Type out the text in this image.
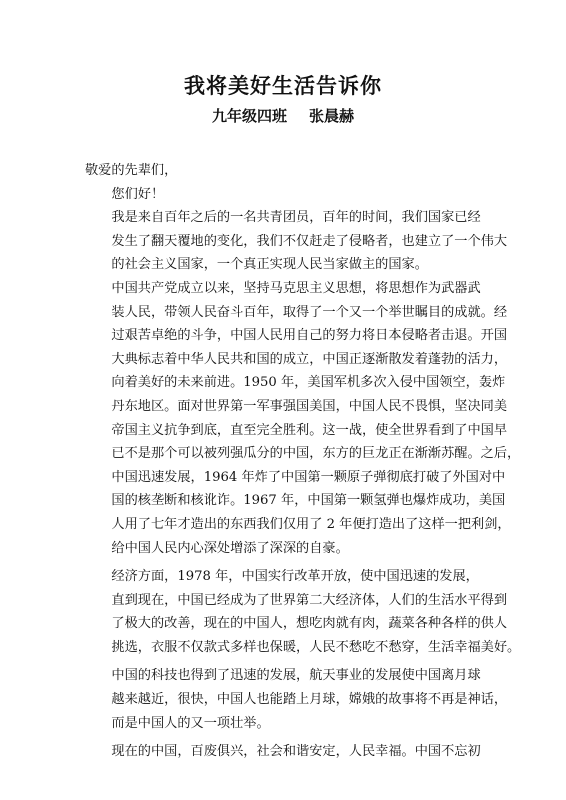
我将美好生活告诉你
九年级四班 张晨赫

敬爱的先辈们，

您们好！

我是来自百年之后的一名共青团员，百年的时间，我们国家已经
发生了翻天覆地的变化，我们不仅赶走了侵略者，也建立了一个伟大
的社会主义国家，一个真正实现人民当家做主的国家。

中国共产党成立以来，坚持马克思主义思想，将思想作为武器武
装人民，带领人民奋斗百年，取得了一个又一个举世瞩目的成就。经
过艰苦卓绝的斗争，中国人民用自己的努力将日本侵略者击退。开国
大典标志着中华人民共和国的成立，中国正逐渐散发着蓬勃的活力，
向着美好的未来前进。1950 年，美国军机多次入侵中国领空，轰炸
丹东地区。面对世界第一军事强国美国，中国人民不畏惧，坚决同美
帝国主义抗争到底，直至完全胜利。这一战，使全世界看到了中国早
已不是那个可以被列强瓜分的中国，东方的巨龙正在渐渐苏醒。之后，
中国迅速发展，1964 年炸了中国第一颗原子弹彻底打破了外国对中
国的核垄断和核讹诈。1967 年，中国第一颗氢弹也爆炸成功，美国
人用了七年才造出的东西我们仅用了 2 年便打造出了这样一把利剑，
给中国人民内心深处增添了深深的自豪。

经济方面，1978 年，中国实行改革开放，使中国迅速的发展，
直到现在，中国已经成为了世界第二大经济体，人们的生活水平得到
了极大的改善，现在的中国人，想吃肉就有肉，蔬菜各种各样的供人
挑选，衣服不仅款式多样也保暖，人民不愁吃不愁穿，生活幸福美好。

中国的科技也得到了迅速的发展，航天事业的发展使中国离月球
越来越近，很快，中国人也能踏上月球，嫦娥的故事将不再是神话，
而是中国人的又一项壮举。

现在的中国，百废俱兴，社会和谐安定，人民幸福。中国不忘初
